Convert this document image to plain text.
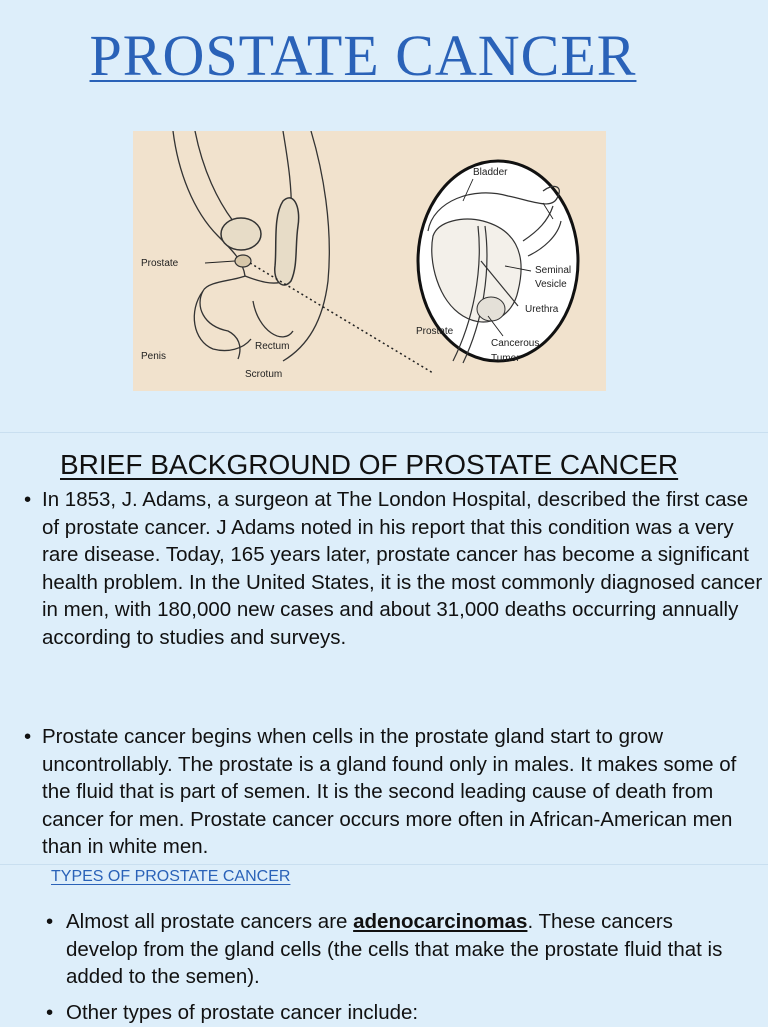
PROSTATE CANCER
Bladder
Prostate
Seminal
Vesicle
Urethra
Prostate
Cancerous
Tumor
Rectum
Penis
Scrotum
BRIEF BACKGROUND OF PROSTATE CANCER
• In 1853, J. Adams, a surgeon at The London Hospital, described the first case of prostate cancer. J Adams noted in his report that this condition was a very rare disease. Today, 165 years later, prostate cancer has become a significant health problem. In the United States, it is the most commonly diagnosed cancer in men, with 180,000 new cases and about 31,000 deaths occurring annually according to studies and surveys.
• Prostate cancer begins when cells in the prostate gland start to grow uncontrollably. The prostate is a gland found only in males. It makes some of the fluid that is part of semen. It is the second leading cause of death from cancer for men. Prostate cancer occurs more often in African-American men than in white men.
TYPES OF PROSTATE CANCER
• Almost all prostate cancers are adenocarcinomas. These cancers develop from the gland cells (the cells that make the prostate fluid that is added to the semen).
• Other types of prostate cancer include:
